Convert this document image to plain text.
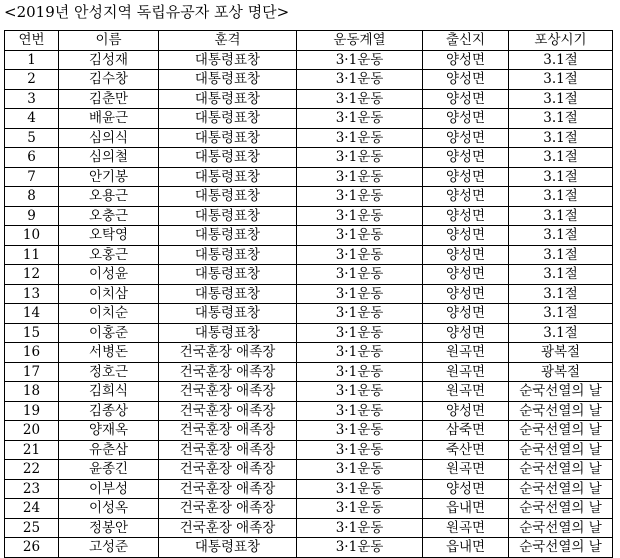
<2019년 안성지역 독립유공자 포상 명단>
연번	이름	훈격	운동계열	출신지	포상시기
1	김성재	대통령표창	3·1운동	양성면	3.1절
2	김수창	대통령표창	3·1운동	양성면	3.1절
3	김춘만	대통령표창	3·1운동	양성면	3.1절
4	배윤근	대통령표창	3·1운동	양성면	3.1절
5	심의식	대통령표창	3·1운동	양성면	3.1절
6	심의철	대통령표창	3·1운동	양성면	3.1절
7	안기봉	대통령표창	3·1운동	양성면	3.1절
8	오용근	대통령표창	3·1운동	양성면	3.1절
9	오충근	대통령표창	3·1운동	양성면	3.1절
10	오탁영	대통령표창	3·1운동	양성면	3.1절
11	오홍근	대통령표창	3·1운동	양성면	3.1절
12	이성윤	대통령표창	3·1운동	양성면	3.1절
13	이치삼	대통령표창	3·1운동	양성면	3.1절
14	이치순	대통령표창	3·1운동	양성면	3.1절
15	이홍준	대통령표창	3·1운동	양성면	3.1절
16	서병돈	건국훈장 애족장	3·1운동	원곡면	광복절
17	정호근	건국훈장 애족장	3·1운동	원곡면	광복절
18	김희식	건국훈장 애족장	3·1운동	원곡면	순국선열의 날
19	김종상	건국훈장 애족장	3·1운동	양성면	순국선열의 날
20	양재옥	건국훈장 애족장	3·1운동	삼죽면	순국선열의 날
21	유춘삼	건국훈장 애족장	3·1운동	죽산면	순국선열의 날
22	윤종긴	건국훈장 애족장	3·1운동	원곡면	순국선열의 날
23	이부성	건국훈장 애족장	3·1운동	양성면	순국선열의 날
24	이성옥	건국훈장 애족장	3·1운동	읍내면	순국선열의 날
25	정봉안	건국훈장 애족장	3·1운동	원곡면	순국선열의 날
26	고성준	대통령표창	3·1운동	읍내면	순국선열의 날
